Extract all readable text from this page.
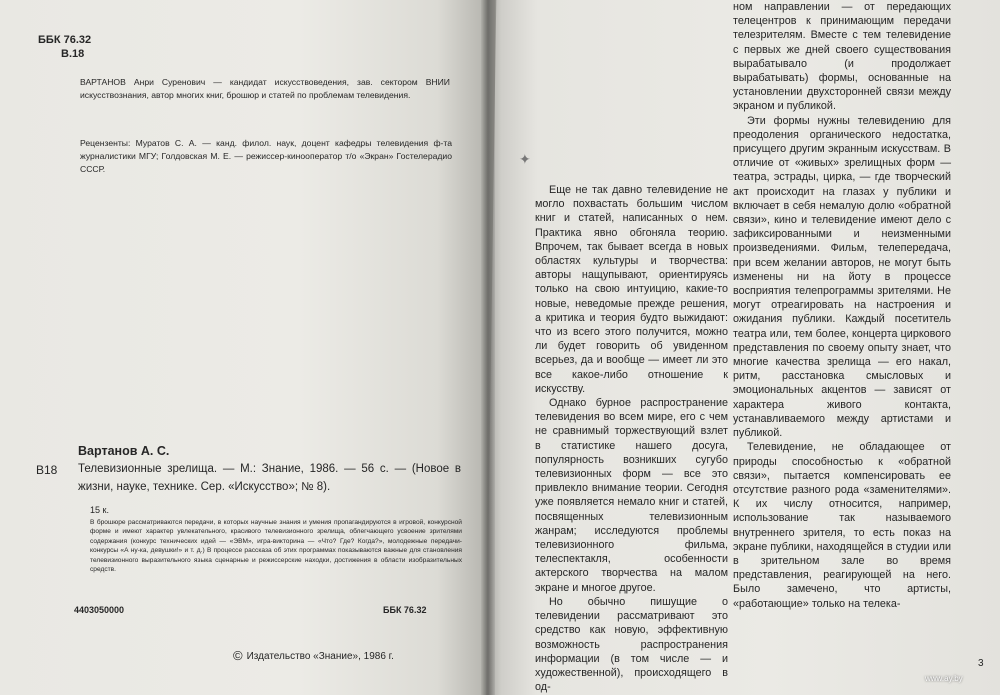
ББК 76.32
В.18

ВАРТАНОВ Анри Суренович — кандидат искусствоведения, зав. сектором ВНИИ искусствознания, автор многих книг, брошюр и статей по проблемам телевидения.

Рецензенты: Муратов С. А. — канд. филол. наук, доцент кафедры телевидения ф-та журналистики МГУ; Голдовская М. Е. — режиссер-кинооператор т/о «Экран» Гостелерадио СССР.

Вартанов А. С.
В18 Телевизионные зрелища. — М.: Знание, 1986. — 56 с. — (Новое в жизни, науке, технике. Сер. «Искусство»; № 8).

15 к.

В брошюре рассматриваются передачи, в которых научные знания и умения пропагандируются в игровой, конкурсной форме и имеют характер увлекательного, красивого телевизионного зрелища, облегчающего усвоение зрителями содержания (конкурс технических идей — «ЭВМ», игра-викторина — «Что? Где? Когда?», молодежные передачи-конкурсы «А ну-ка, девушки!» и т. д.) В процессе рассказа об этих программах показываются важные для становления телевизионного выразительного языка сценарные и режиссерские находки, достижения в области изобразительных средств.

4403050000	ББК 76.32
© Издательство «Знание», 1986 г.
✦

Еще не так давно телевидение не могло похвастать большим числом книг и статей, написанных о нем. Практика явно обгоняла теорию. Впрочем, так бывает всегда в новых областях культуры и творчества: авторы нащупывают, ориентируясь только на свою интуицию, какие-то новые, неведомые прежде решения, а критика и теория будто выжидают: что из всего этого получится, можно ли будет говорить об увиденном всерьез, да и вообще — имеет ли это все какое-либо отношение к искусству.

Однако бурное распространение телевидения во всем мире, его с чем не сравнимый торжествующий взлет в статистике нашего досуга, популярность возникших сугубо телевизионных форм — все это привлекло внимание теории. Сегодня уже появляется немало книг и статей, посвященных телевизионным жанрам; исследуются проблемы телевизионного фильма, телеспектакля, особенности актерского творчества на малом экране и многое другое.

Но обычно пишущие о телевидении рассматривают это средство как новую, эффективную возможность распространения информации (в том числе — и художественной), происходящего в од-

ном направлении — от передающих телецентров к принимающим передачи телезрителям. Вместе с тем телевидение с первых же дней своего существования вырабатывало (и продолжает вырабатывать) формы, основанные на установлении двухсторонней связи между экраном и публикой.

Эти формы нужны телевидению для преодоления органического недостатка, присущего другим экранным искусствам. В отличие от «живых» зрелищных форм — театра, эстрады, цирка, — где творческий акт происходит на глазах у публики и включает в себя немалую долю «обратной связи», кино и телевидение имеют дело с зафиксированными и неизменными произведениями. Фильм, телепередача, при всем желании авторов, не могут быть изменены ни на йоту в процессе восприятия телепрограммы зрителями. Не могут отреагировать на настроения и ожидания публики. Каждый посетитель театра или, тем более, концерта циркового представления по своему опыту знает, что многие качества зрелища — его накал, ритм, расстановка смысловых и эмоциональных акцентов — зависят от характера живого контакта, устанавливаемого между артистами и публикой.

Телевидение, не обладающее от природы способностью к «обратной связи», пытается компенсировать ее отсутствие разного рода «заменителями». К их числу относится, например, использование так называемого внутреннего зрителя, то есть показ на экране публики, находящейся в студии или в зрительном зале во время представления, реагирующей на него. Было замечено, что артисты, «работающие» только на телека-

3
www.ay.by
